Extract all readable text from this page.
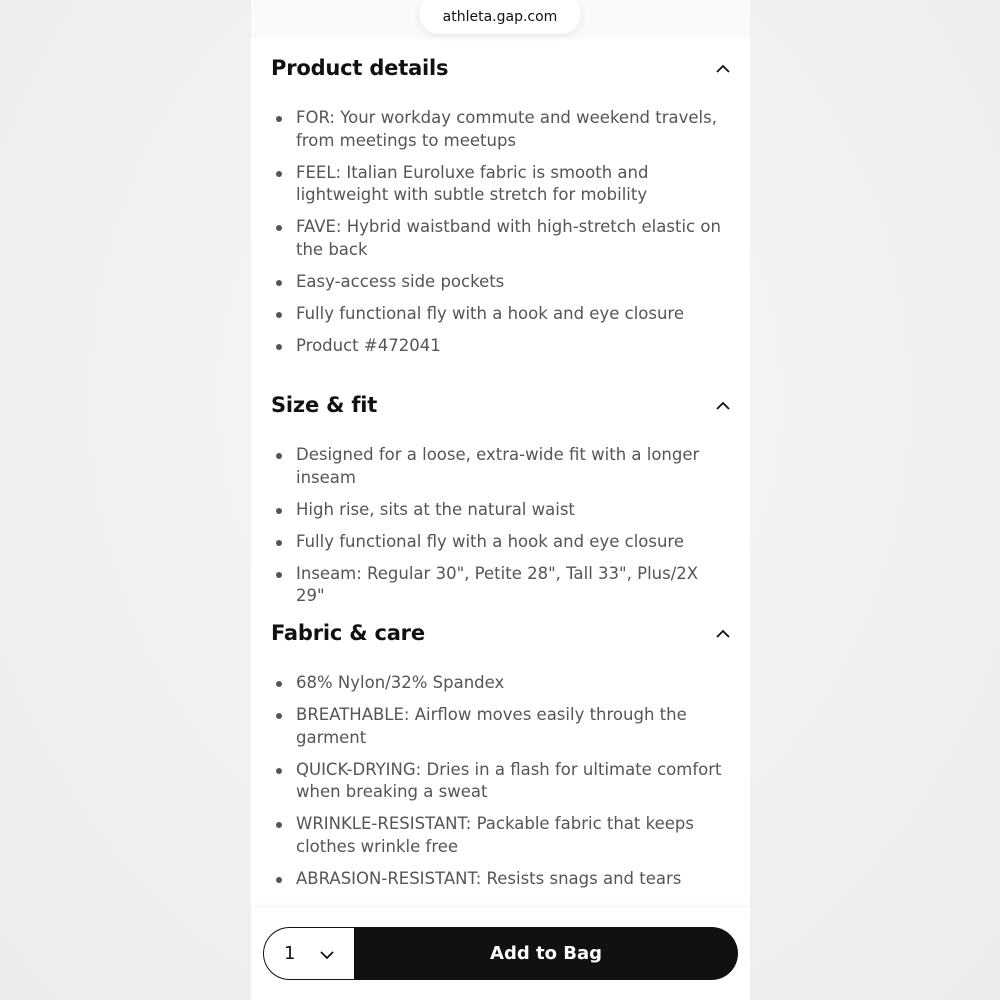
athleta.gap.com
Product details
FOR: Your workday commute and weekend travels, from meetings to meetups
FEEL: Italian Euroluxe fabric is smooth and lightweight with subtle stretch for mobility
FAVE: Hybrid waistband with high-stretch elastic on the back
Easy-access side pockets
Fully functional fly with a hook and eye closure
Product #472041
Size & fit
Designed for a loose, extra-wide fit with a longer inseam
High rise, sits at the natural waist
Fully functional fly with a hook and eye closure
Inseam: Regular 30", Petite 28", Tall 33", Plus/2X 29"
Fabric & care
68% Nylon/32% Spandex
BREATHABLE: Airflow moves easily through the garment
QUICK-DRYING: Dries in a flash for ultimate comfort when breaking a sweat
WRINKLE-RESISTANT: Packable fabric that keeps clothes wrinkle free
ABRASION-RESISTANT: Resists snags and tears
1	Add to Bag
